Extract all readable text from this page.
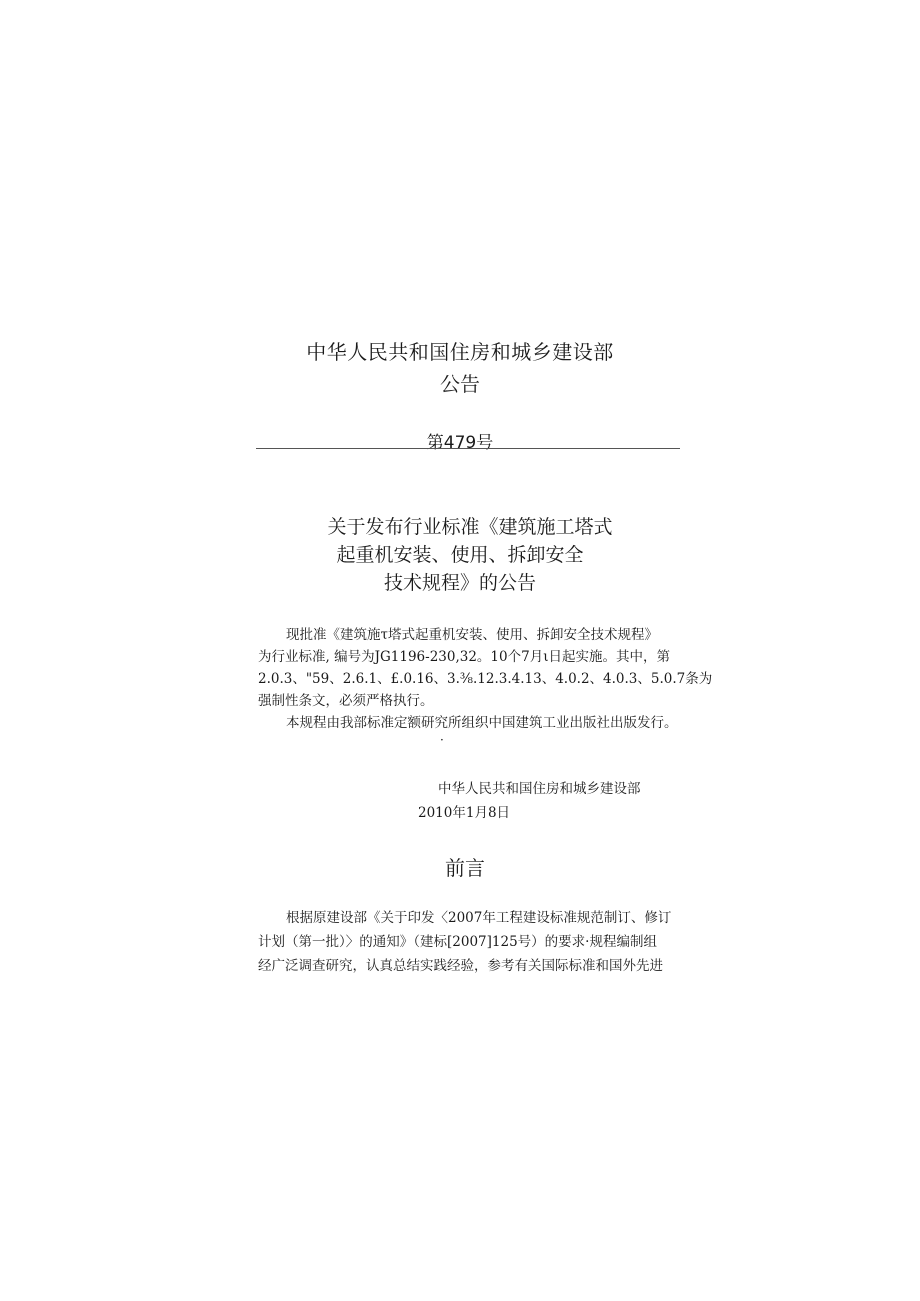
中华人民共和国住房和城乡建设部

公告

第479号

关于发布行业标准《建筑施工塔式

起重机安装、使用、拆卸安全

技术规程》的公告

现批准《建筑施τ塔式起重机安装、使用、拆卸安全技术规程》

为行业标准, 编号为JG1196-230,32。10个7月ι日起实施。其中，第

2.0.3、"59、2.6.1、£.0.16、3.⅜.12.3.4.13、4.0.2、4.0.3、5.0.7条为

强制性条文，必须严格执行。

本规程由我部标准定额研究所组织中国建筑工业出版社出版发行。

·

中华人民共和国住房和城乡建设部

2010年1月8日

前言

根据原建设部《关于印发〈2007年工程建设标准规范制订、修订

计划（第一批）〉的通知》（建标[2007]125号）的要求·规程编制组

经广泛调查研究，认真总结实践经验，参考有关国际标准和国外先进
